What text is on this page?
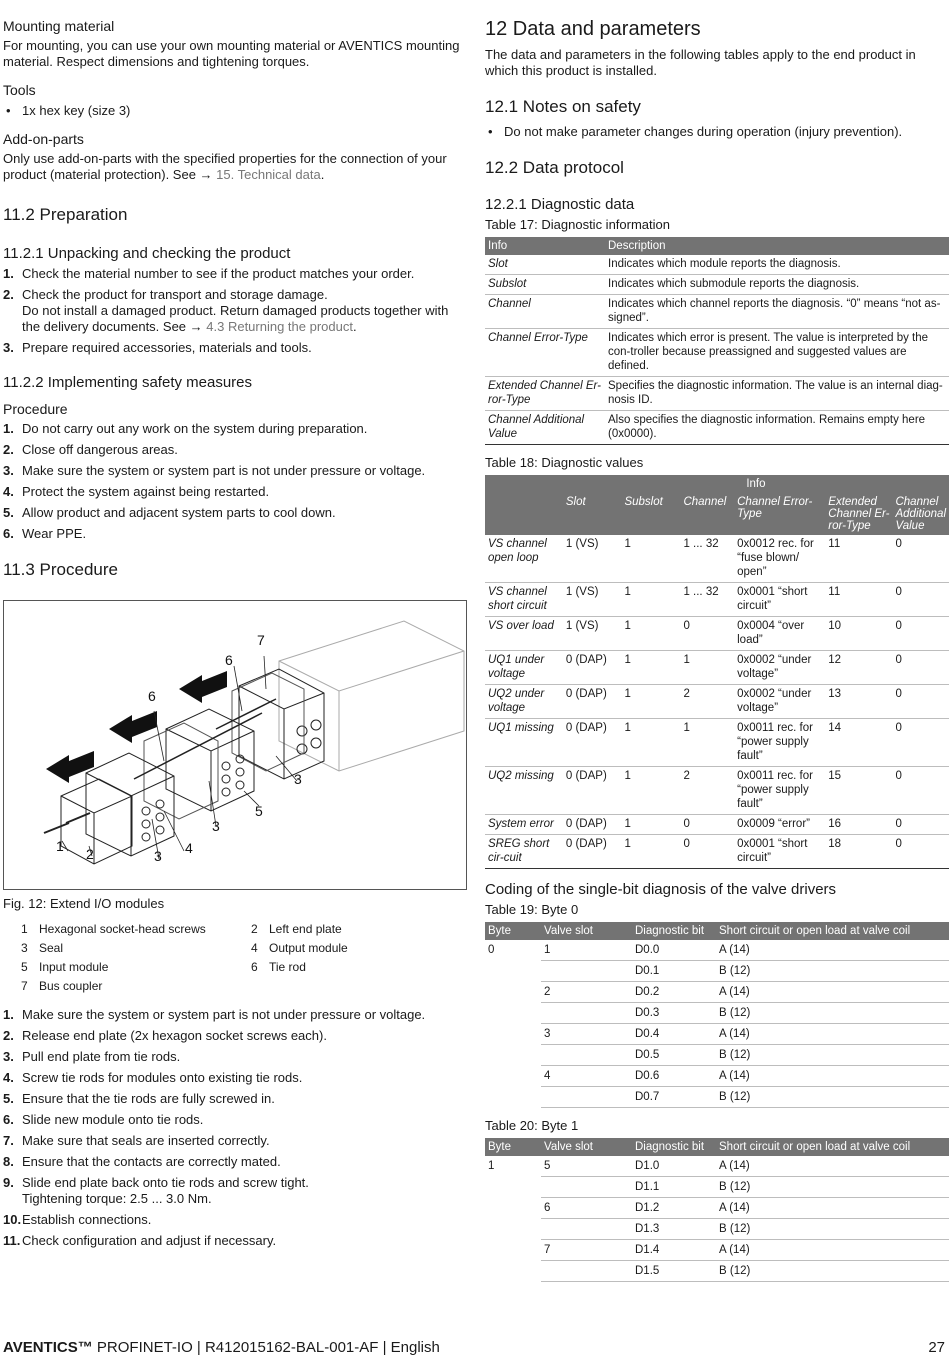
Mounting material

For mounting, you can use your own mounting material or AVENTICS mounting material. Respect dimensions and tightening torques.

Tools
• 1x hex key (size 3)
Add-on-parts

Only use add-on-parts with the specified properties for the connection of your product (material protection). See → 15. Technical data.

11.2 Preparation
11.2.1 Unpacking and checking the product
1. Check the material number to see if the product matches your order.
2. Check the product for transport and storage damage.
Do not install a damaged product. Return damaged products together with the delivery documents. See → 4.3 Returning the product.
3. Prepare required accessories, materials and tools.
11.2.2 Implementing safety measures
Procedure
1. Do not carry out any work on the system during preparation.
2. Close off dangerous areas.
3. Make sure the system or system part is not under pressure or voltage.
4. Protect the system against being restarted.
5. Allow product and adjacent system parts to cool down.
6. Wear PPE.
11.3 Procedure
1 2	3
3
3
4
5
6
6
7

Fig. 12: Extend I/O modules

1 Hexagonal socket-head screws	2 Left end plate
3 Seal	4 Output module
5 Input module	6 Tie rod
7 Bus coupler
1. Make sure the system or system part is not under pressure or voltage.
2. Release end plate (2x hexagon socket screws each).
3. Pull end plate from tie rods.
4. Screw tie rods for modules onto existing tie rods.
5. Ensure that the tie rods are fully screwed in.
6. Slide new module onto tie rods.
7. Make sure that seals are inserted correctly.
8. Ensure that the contacts are correctly mated.
9. Slide end plate back onto tie rods and screw tight.
Tightening torque: 2.5 ... 3.0 Nm.
10. Establish connections.
11. Check configuration and adjust if necessary.
12 Data and parameters

The data and parameters in the following tables apply to the end product in which this product is installed.

12.1 Notes on safety
• Do not make parameter changes during operation (injury prevention).
12.2 Data protocol
12.2.1 Diagnostic data

Table 17: Diagnostic information

Info	Description
Slot	Indicates which module reports the diagnosis.
Subslot	Indicates which submodule reports the diagnosis.
Channel	Indicates which channel reports the diagnosis. “0” means “not as-signed”.
Channel Error-Type	Indicates which error is present. The value is interpreted by the con-troller because preassigned and suggested values are defined.
Extended Channel Er-ror-Type	Specifies the diagnostic information. The value is an internal diag-nosis ID.
Channel Additional Value	Also specifies the diagnostic information. Remains empty here (0x0000).

Table 18: Diagnostic values

	Info					
	Slot	Subslot	Channel	Channel Error-Type	Extended Channel Er-ror-Type	Channel Additional Value
VS channel open loop	1 (VS)	1	1 ... 32	0x0012 rec. for “fuse blown/ open”	11	0
VS channel short circuit	1 (VS)	1	1 ... 32	0x0001 “short circuit”	11	0
VS over load	1 (VS)	1	0	0x0004 “over load”	10	0
UQ1 under voltage	0 (DAP)	1	1	0x0002 “under voltage”	12	0
UQ2 under voltage	0 (DAP)	1	2	0x0002 “under voltage”	13	0
UQ1 missing	0 (DAP)	1	1	0x0011 rec. for “power supply fault”	14	0
UQ2 missing	0 (DAP)	1	2	0x0011 rec. for “power supply fault”	15	0
System error	0 (DAP)	1	0	0x0009 “error”	16	0
SREG short cir-cuit	0 (DAP)	1	0	0x0001 “short circuit”	18	0
Coding of the single-bit diagnosis of the valve drivers

Table 19: Byte 0

Byte	Valve slot	Diagnostic bit	Short circuit or open load at valve coil
0	1	D0.0	A (14)
		D0.1	B (12)
	2	D0.2	A (14)
		D0.3	B (12)
	3	D0.4	A (14)
		D0.5	B (12)
	4	D0.6	A (14)
		D0.7	B (12)

Table 20: Byte 1

Byte	Valve slot	Diagnostic bit	Short circuit or open load at valve coil
1	5	D1.0	A (14)
		D1.1	B (12)
	6	D1.2	A (14)
		D1.3	B (12)
	7	D1.4	A (14)
		D1.5	B (12)
AVENTICS™ PROFINET-IO | R412015162-BAL-001-AF | English	27
